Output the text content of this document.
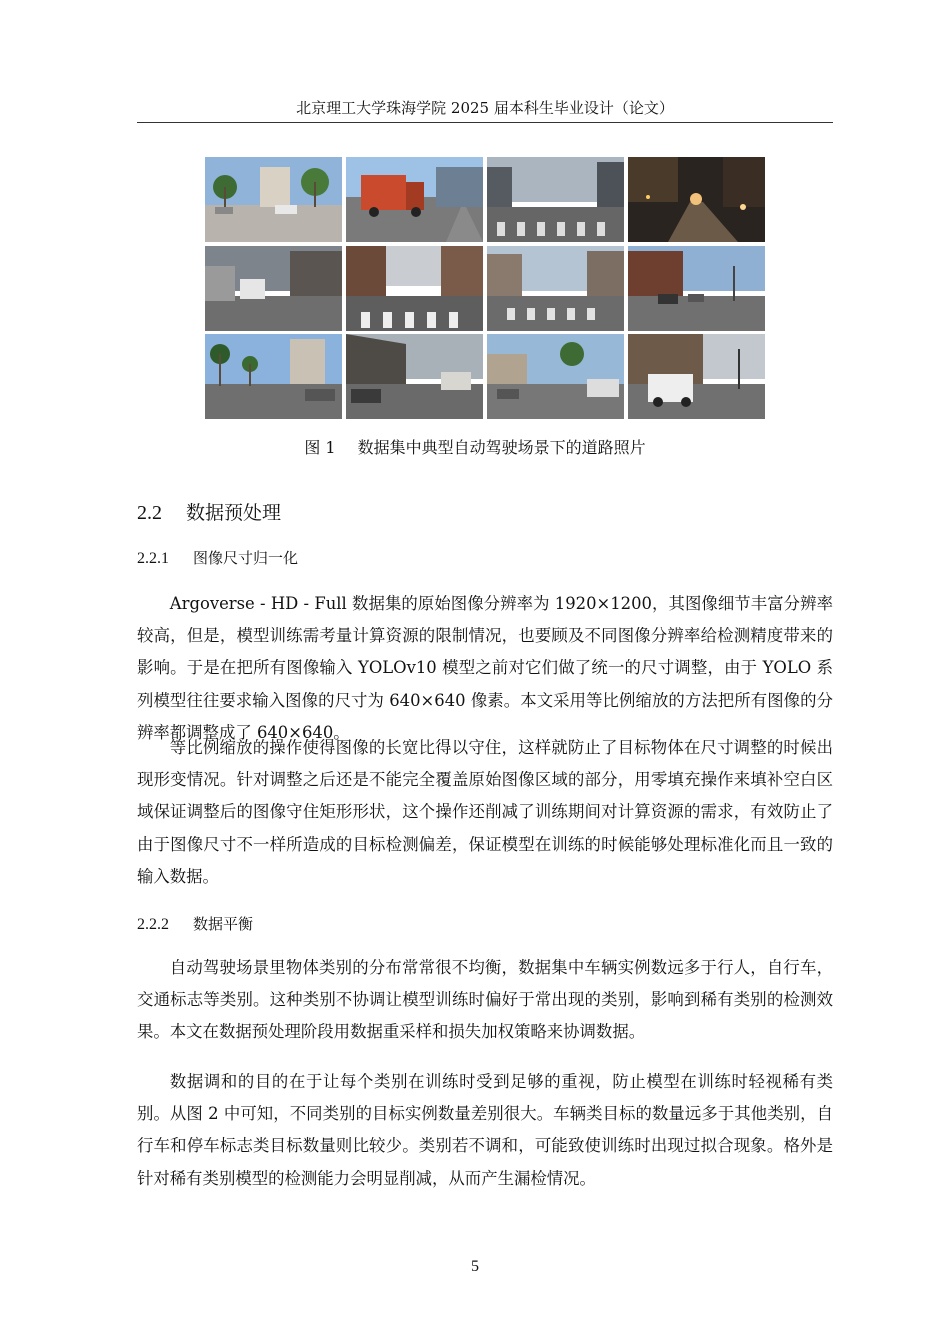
北京理工大学珠海学院 2025 届本科生毕业设计（论文）
图 1 数据集中典型自动驾驶场景下的道路照片
2.2 数据预处理
2.2.1 图像尺寸归一化

Argoverse - HD - Full 数据集的原始图像分辨率为 1920×1200，其图像细节丰富分辨率较高，但是，模型训练需考量计算资源的限制情况，也要顾及不同图像分辨率给检测精度带来的影响。于是在把所有图像输入 YOLOv10 模型之前对它们做了统一的尺寸调整，由于 YOLO 系列模型往往要求输入图像的尺寸为 640×640 像素。本文采用等比例缩放的方法把所有图像的分辨率都调整成了 640×640。

等比例缩放的操作使得图像的长宽比得以守住，这样就防止了目标物体在尺寸调整的时候出现形变情况。针对调整之后还是不能完全覆盖原始图像区域的部分，用零填充操作来填补空白区域保证调整后的图像守住矩形形状，这个操作还削减了训练期间对计算资源的需求，有效防止了由于图像尺寸不一样所造成的目标检测偏差，保证模型在训练的时候能够处理标准化而且一致的输入数据。

2.2.2 数据平衡

自动驾驶场景里物体类别的分布常常很不均衡，数据集中车辆实例数远多于行人，自行车，交通标志等类别。这种类别不协调让模型训练时偏好于常出现的类别，影响到稀有类别的检测效果。本文在数据预处理阶段用数据重采样和损失加权策略来协调数据。

数据调和的目的在于让每个类别在训练时受到足够的重视，防止模型在训练时轻视稀有类别。从图 2 中可知，不同类别的目标实例数量差别很大。车辆类目标的数量远多于其他类别，自行车和停车标志类目标数量则比较少。类别若不调和，可能致使训练时出现过拟合现象。格外是针对稀有类别模型的检测能力会明显削减，从而产生漏检情况。

5
